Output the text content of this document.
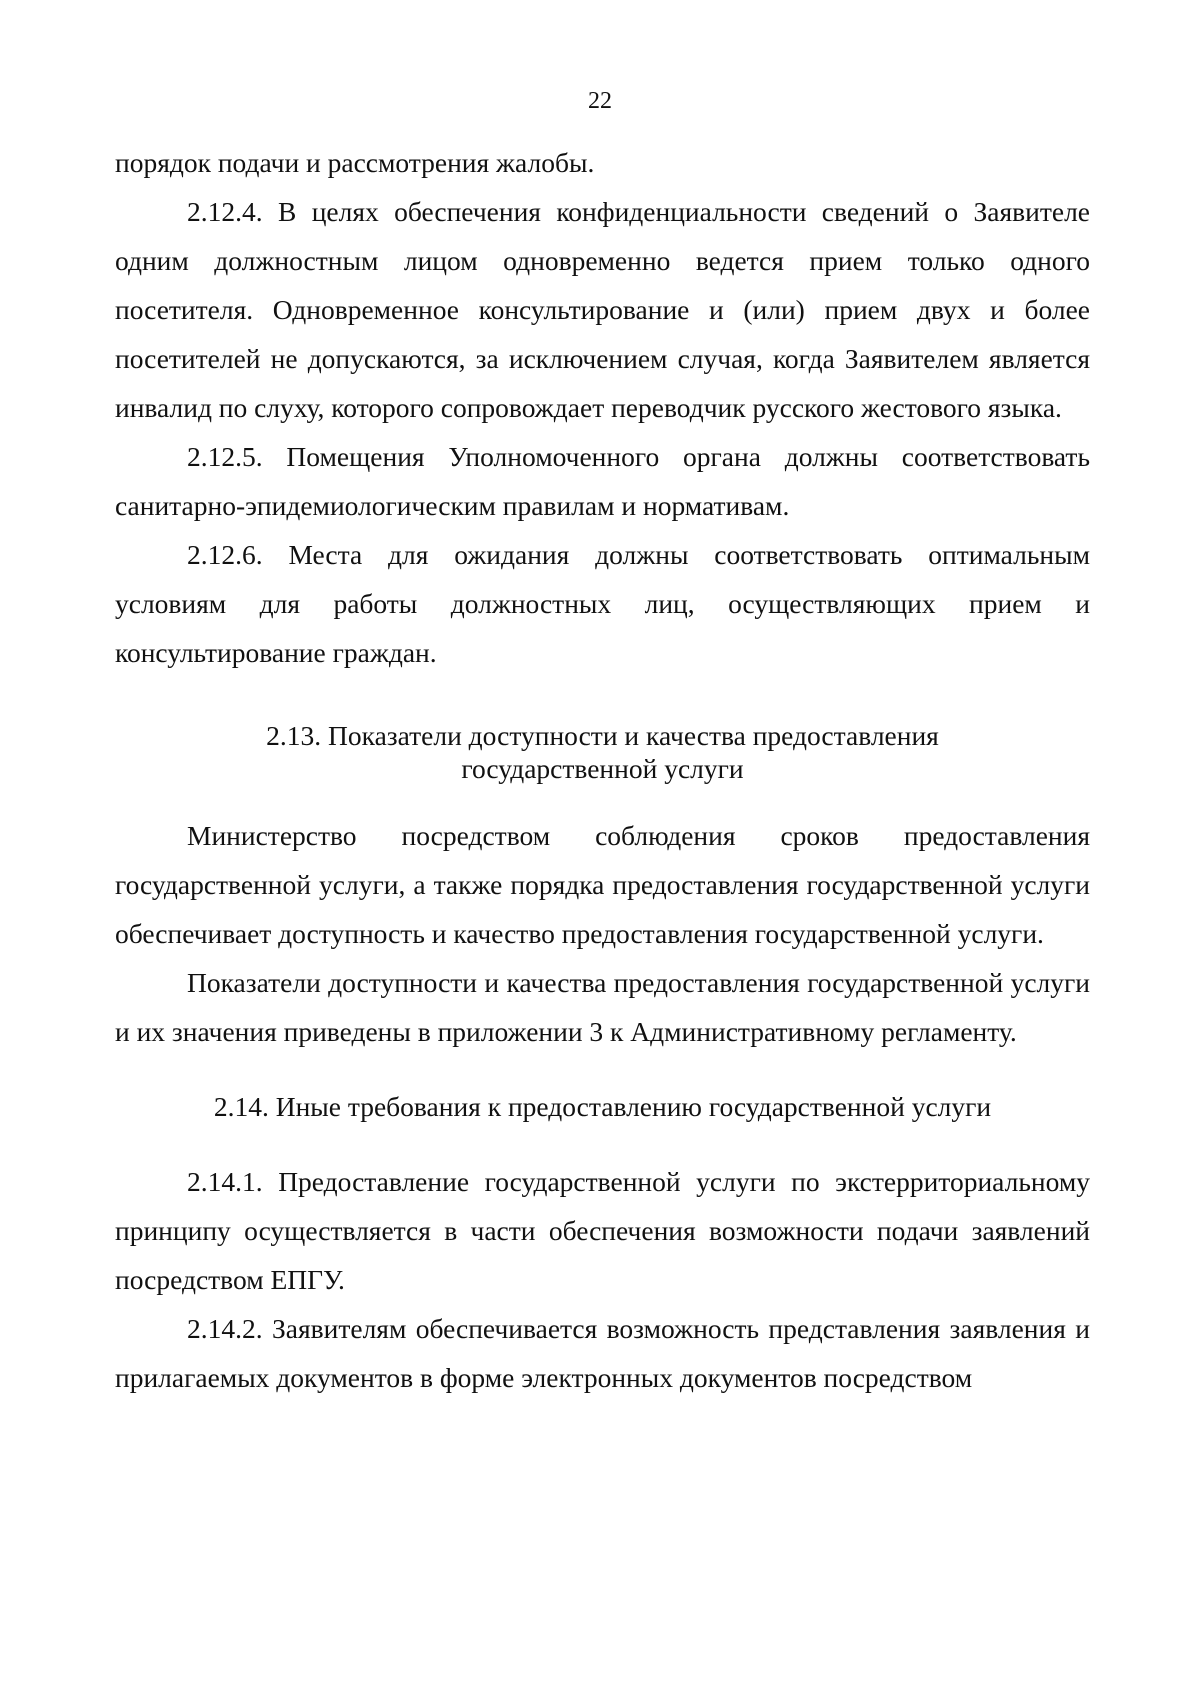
22

порядок подачи и рассмотрения жалобы.

2.12.4. В целях обеспечения конфиденциальности сведений о Заявителе одним должностным лицом одновременно ведется прием только одного посетителя. Одновременное консультирование и (или) прием двух и более посетителей не допускаются, за исключением случая, когда Заявителем является инвалид по слуху, которого сопровождает переводчик русского жестового языка.

2.12.5. Помещения Уполномоченного органа должны соответствовать санитарно-эпидемиологическим правилам и нормативам.

2.12.6. Места для ожидания должны соответствовать оптимальным условиям для работы должностных лиц, осуществляющих прием и консультирование граждан.

2.13. Показатели доступности и качества предоставления
государственной услуги

Министерство посредством соблюдения сроков предоставления государственной услуги, а также порядка предоставления государственной услуги обеспечивает доступность и качество предоставления государственной услуги.

Показатели доступности и качества предоставления государственной услуги и их значения приведены в приложении 3 к Административному регламенту.

2.14. Иные требования к предоставлению государственной услуги

2.14.1. Предоставление государственной услуги по экстерриториальному принципу осуществляется в части обеспечения возможности подачи заявлений посредством ЕПГУ.

2.14.2. Заявителям обеспечивается возможность представления заявления и прилагаемых документов в форме электронных документов посредством
